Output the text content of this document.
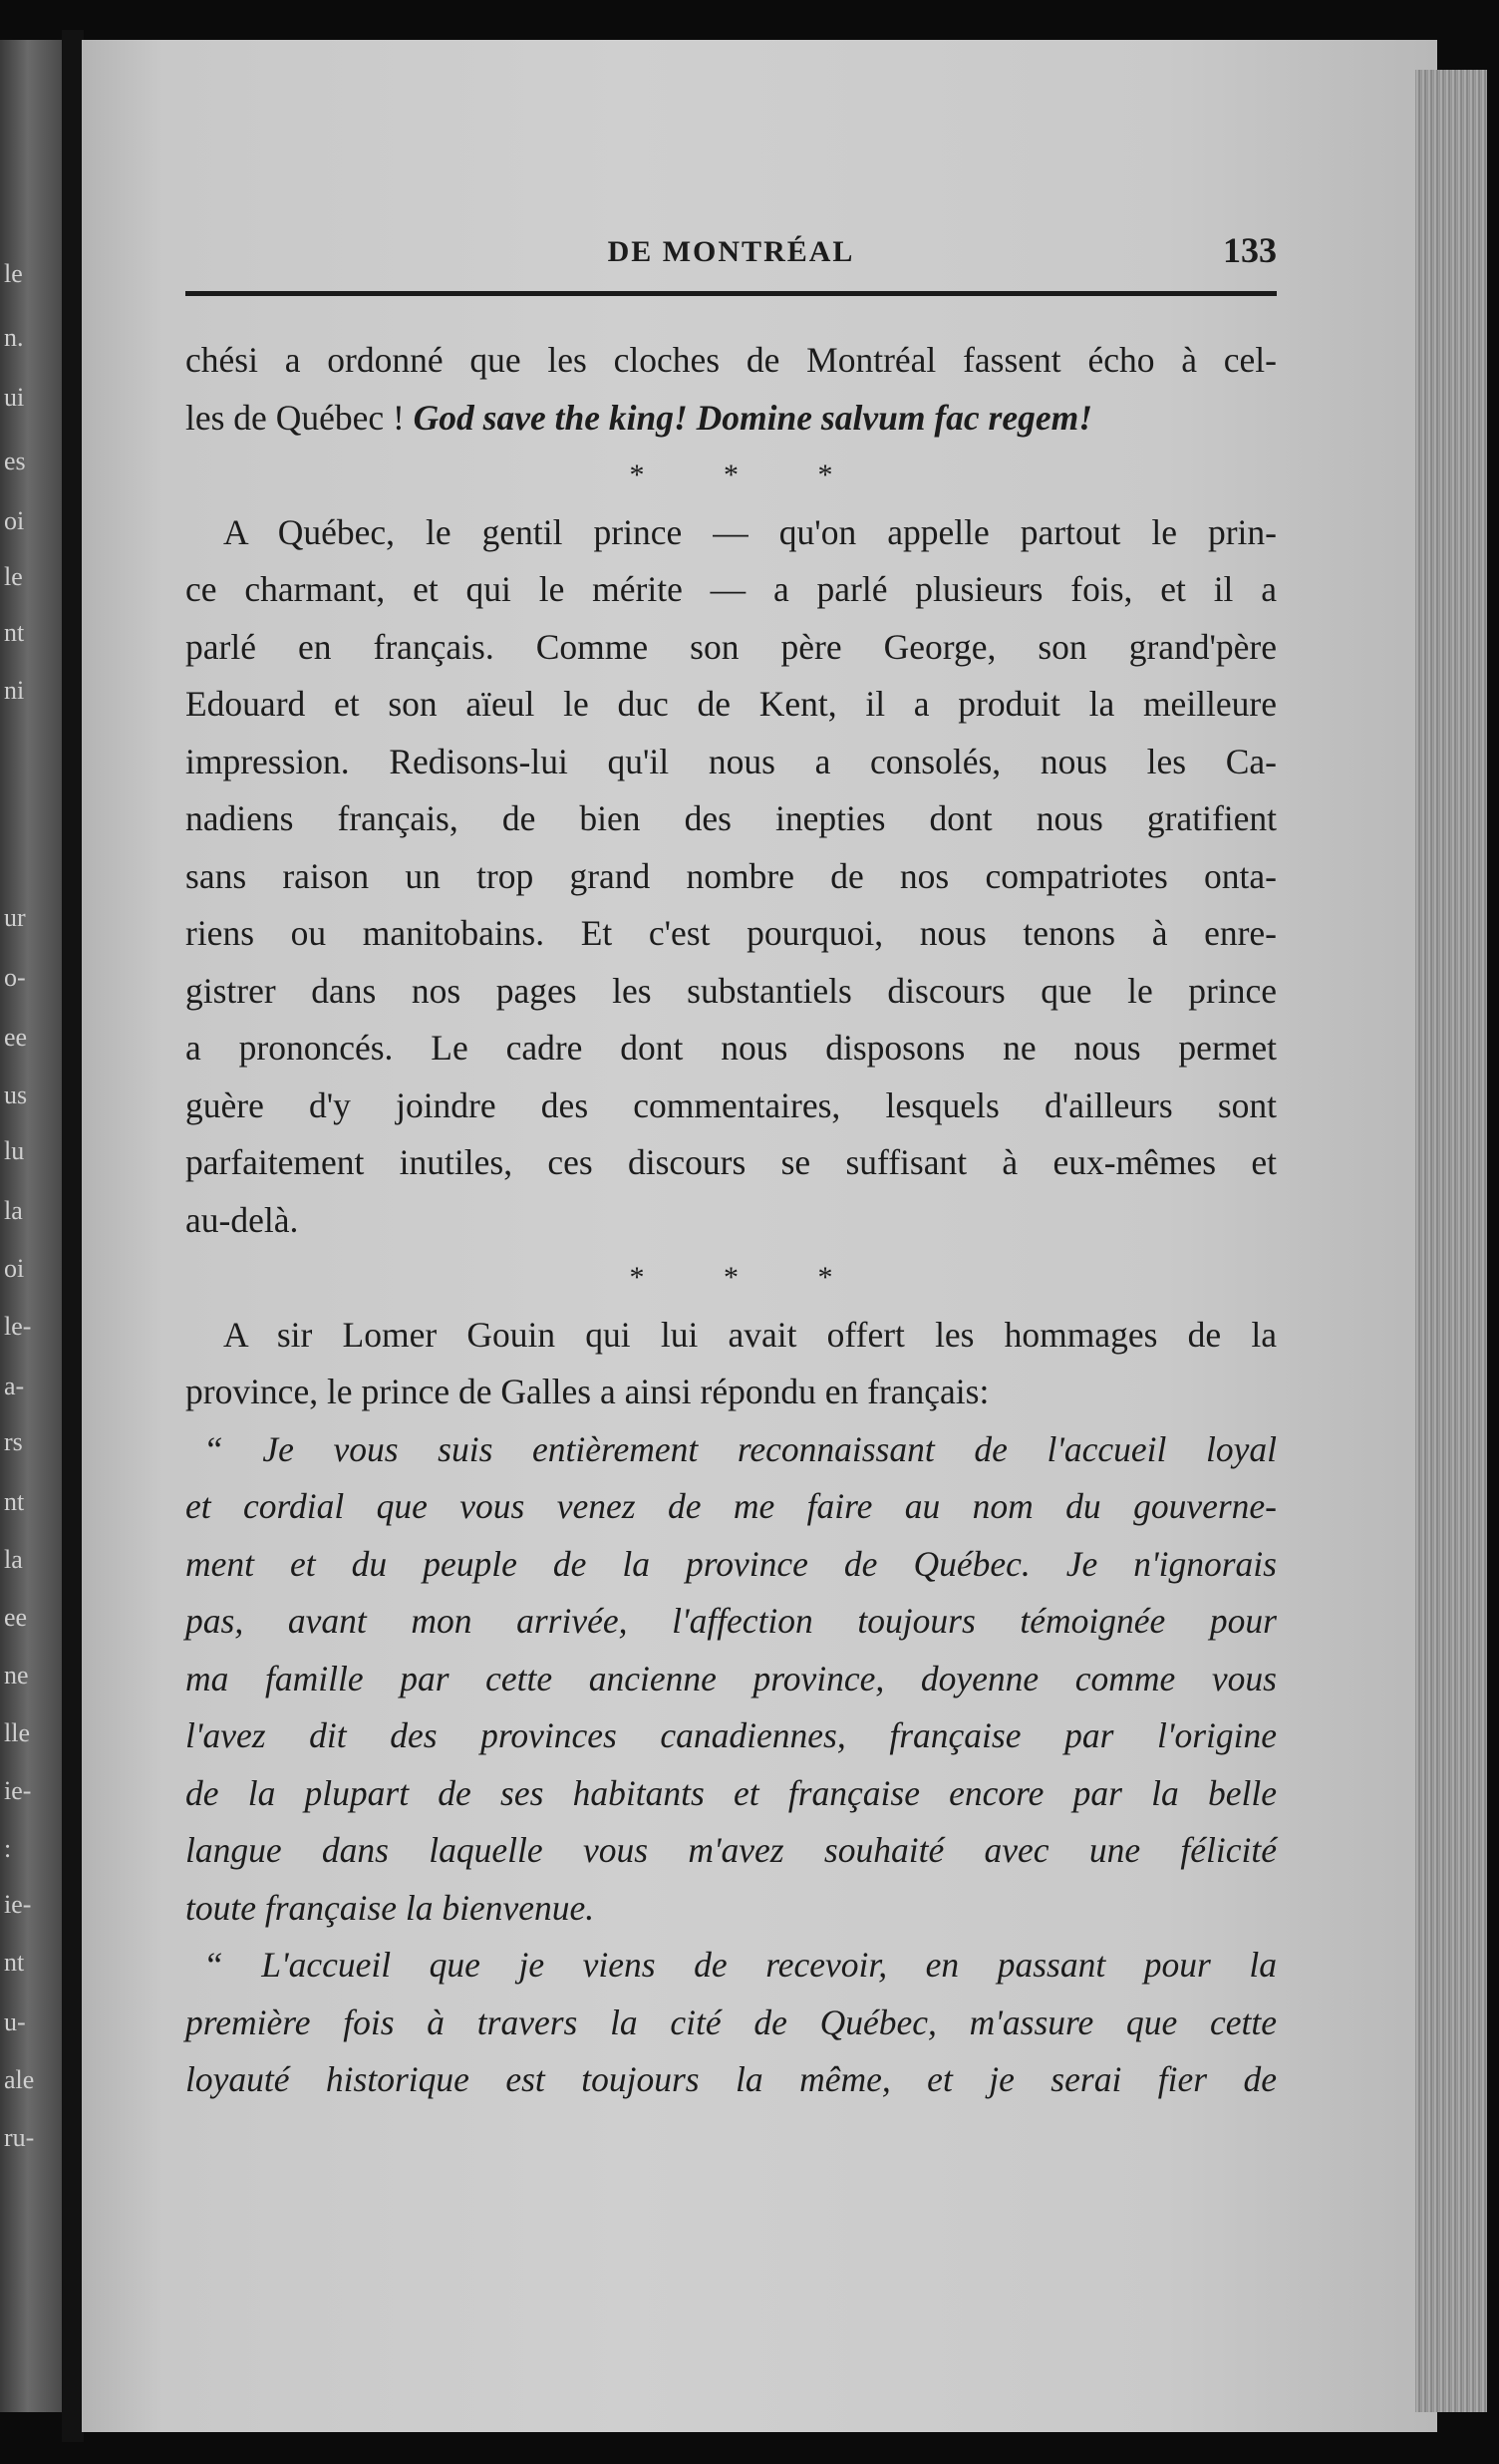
le
n.
ui
es
oi
le
nt
ni
ur
o-
ee
us
lu
la
oi
le-
a-
rs
nt
la
ee
ne
lle
ie-
:
ie-
nt
u-
ale
ru-
DE MONTRÉAL	133
chési a ordonné que les cloches de Montréal fassent écho à cel-
les de Québec ! God save the king! Domine salvum fac regem!
* * *
A Québec, le gentil prince — qu'on appelle partout le prin-
ce charmant, et qui le mérite — a parlé plusieurs fois, et il a
parlé en français. Comme son père George, son grand'père
Edouard et son aïeul le duc de Kent, il a produit la meilleure
impression. Redisons-lui qu'il nous a consolés, nous les Ca-
nadiens français, de bien des inepties dont nous gratifient
sans raison un trop grand nombre de nos compatriotes onta-
riens ou manitobains. Et c'est pourquoi, nous tenons à enre-
gistrer dans nos pages les substantiels discours que le prince
a prononcés. Le cadre dont nous disposons ne nous permet
guère d'y joindre des commentaires, lesquels d'ailleurs sont
parfaitement inutiles, ces discours se suffisant à eux-mêmes et
au-delà.
* * *
A sir Lomer Gouin qui lui avait offert les hommages de la
province, le prince de Galles a ainsi répondu en français:
“ Je vous suis entièrement reconnaissant de l'accueil loyal
et cordial que vous venez de me faire au nom du gouverne-
ment et du peuple de la province de Québec. Je n'ignorais
pas, avant mon arrivée, l'affection toujours témoignée pour
ma famille par cette ancienne province, doyenne comme vous
l'avez dit des provinces canadiennes, française par l'origine
de la plupart de ses habitants et française encore par la belle
langue dans laquelle vous m'avez souhaité avec une félicité
toute française la bienvenue.
“ L'accueil que je viens de recevoir, en passant pour la
première fois à travers la cité de Québec, m'assure que cette
loyauté historique est toujours la même, et je serai fier de
